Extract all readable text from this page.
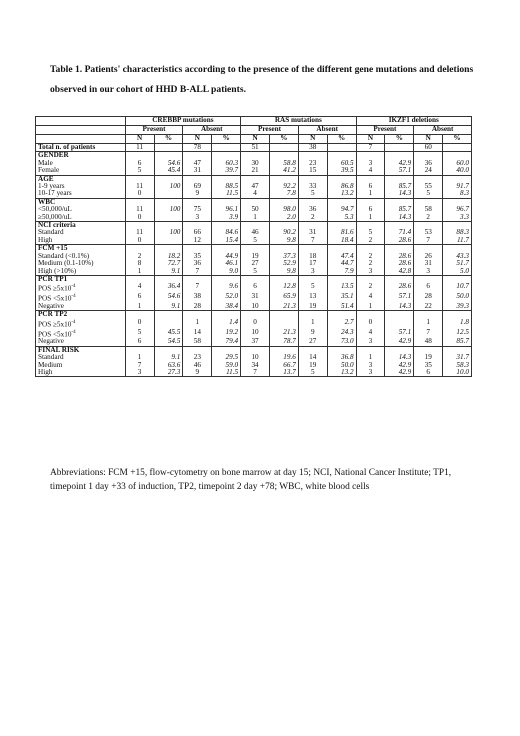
Table 1. Patients' characteristics according to the presence of the different gene mutations and deletions observed in our cohort of HHD B-ALL patients.
	CREBBP mutations				RAS mutations				IKZF1 deletions			
	Present		Absent		Present		Absent		Present		Absent	
	N	%	N	%	N	%	N	%	N	%	N	%
Total n. of patients	11		78		51		38		7		60	
GENDER												
Male	6	54.6	47	60.3	30	58.8	23	60.5	3	42.9	36	60.0
Female	5	45.4	31	39.7	21	41.2	15	39.5	4	57.1	24	40.0
AGE												
1-9 years	11	100	69	88.5	47	92.2	33	86.8	6	85.7	55	91.7
10-17 years	0		9	11.5	4	7.8	5	13.2	1	14.3	5	8.3
WBC												
<50,000/uL	11	100	75	96.1	50	98.0	36	94.7	6	85.7	58	96.7
≥50,000/uL	0		3	3.9	1	2.0	2	5.3	1	14.3	2	3.3
NCI criteria												
Standard	11	100	66	84.6	46	90.2	31	81.6	5	71.4	53	88.3
High	0		12	15.4	5	9.8	7	18.4	2	28.6	7	11.7
FCM +15												
Standard (<0.1%)	2	18.2	35	44.9	19	37.3	18	47.4	2	28.6	26	43.3
Medium (0.1-10%)	8	72.7	36	46.1	27	52.9	17	44.7	2	28.6	31	51.7
High (>10%)	1	9.1	7	9.0	5	9.8	3	7.9	3	42.8	3	5.0
PCR TP1												
POS $\ge 5x10^{-4}$	4	36.4	7	9.6	6	12.8	5	13.5	2	28.6	6	10.7
POS $<5x10^{-4}$	6	54.6	38	52.0	31	65.9	13	35.1	4	57.1	28	50.0
Negative	1	9.1	28	38.4	10	21.3	19	51.4	1	14.3	22	39.3
PCR TP2												
POS $\ge 5x10^{-4}$	0		1	1.4	0		1	2.7	0		1	1.8
POS $<5x10^{-4}$	5	45.5	14	19.2	10	21.3	9	24.3	4	57.1	7	12.5
Negative	6	54.5	58	79.4	37	78.7	27	73.0	3	42.9	48	85.7
FINAL RISK												
Standard	1	9.1	23	29.5	10	19.6	14	36.8	1	14.3	19	31.7
Medium	7	63.6	46	59.0	34	66.7	19	50.0	3	42.9	35	58.3
High	3	27.3	9	11.5	7	13.7	5	13.2	3	42.9	6	10.0
Abbreviations: FCM +15, flow-cytometry on bone marrow at day 15; NCI, National Cancer Institute; TP1, timepoint 1 day +33 of induction, TP2, timepoint 2 day +78; WBC, white blood cells
